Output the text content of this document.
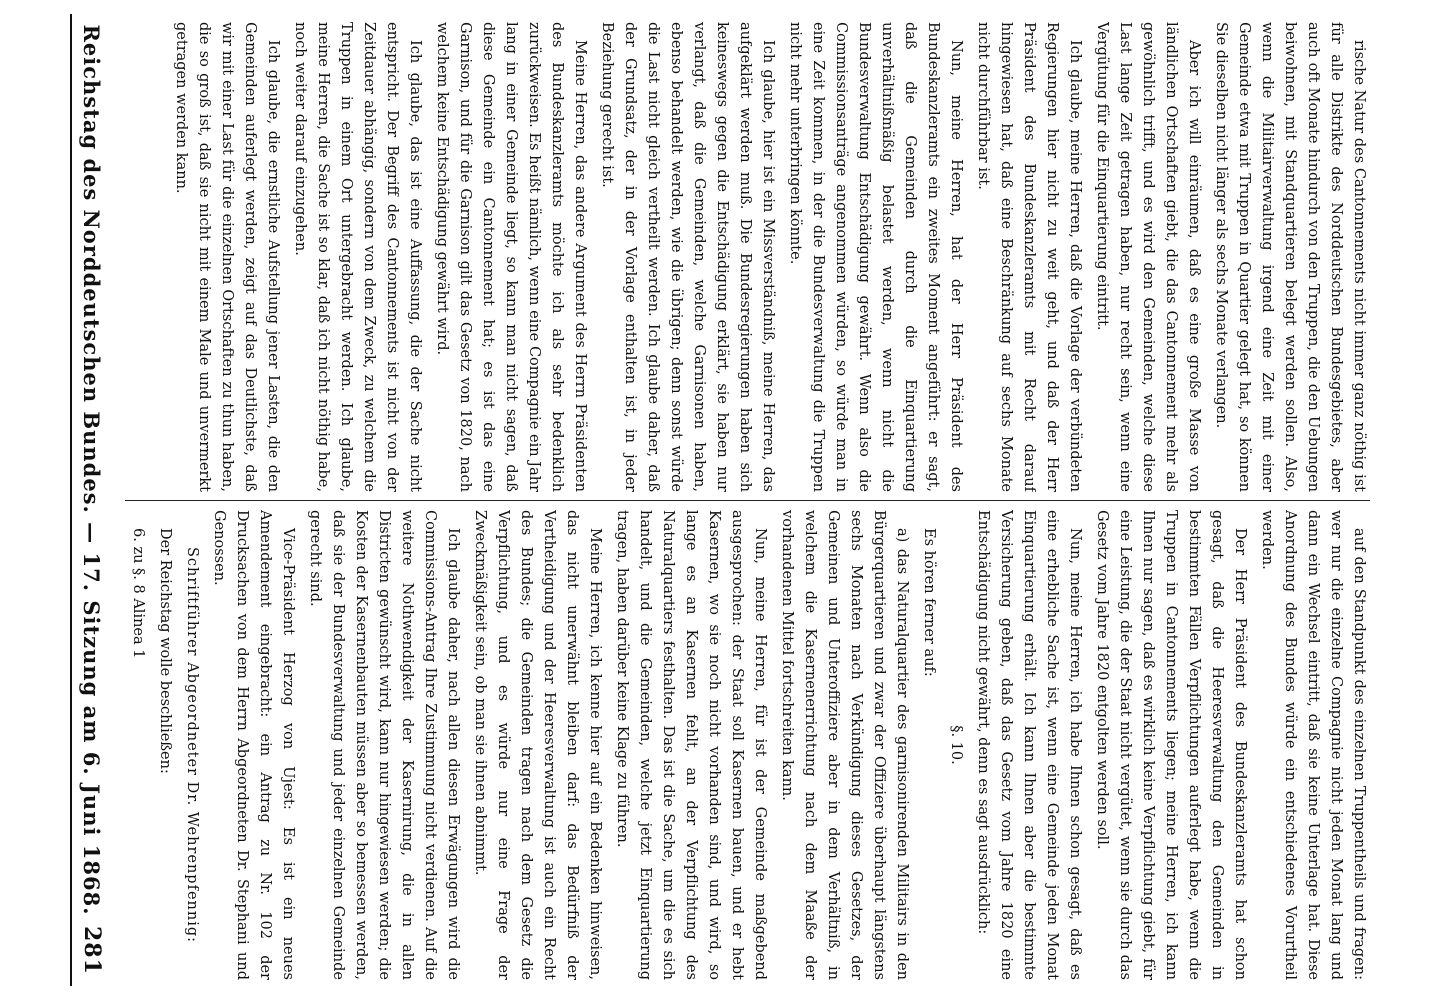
Reichstag des Norddeutschen Bundes. — 17. Sitzung am 6. Juni 1868.
281

rische Natur des Cantonnements nicht immer ganz nöthig ist für alle Distrikte des Norddeutschen Bundesgebietes, aber auch oft Monate hindurch von den Truppen, die den Uebungen beiwohnen, mit Standquartieren belegt werden sollen. Also, wenn die Militairverwaltung irgend eine Zeit mit einer Gemeinde etwa mit Truppen in Quartier gelegt hat, so können Sie dieselben nicht länger als sechs Monate verlangen.

Aber ich will einräumen, daß es eine große Masse von ländlichen Ortschaften giebt, die das Cantonnement mehr als gewöhnlich trifft, und es wird den Gemeinden, welche diese Last lange Zeit getragen haben, nur recht sein, wenn eine Vergütung für die Einquartierung eintritt.

Ich glaube, meine Herren, daß die Vorlage der verbündeten Regierungen hier nicht zu weit geht, und daß der Herr Präsident des Bundeskanzleramts mit Recht darauf hingewiesen hat, daß eine Beschränkung auf sechs Monate nicht durchführbar ist.

Nun, meine Herren, hat der Herr Präsident des Bundeskanzleramts ein zweites Moment angeführt: er sagt, daß die Gemeinden durch die Einquartierung unverhältnißmäßig belastet werden, wenn nicht die Bundesverwaltung Entschädigung gewährt. Wenn also die Commissionsanträge angenommen würden, so würde man in eine Zeit kommen, in der die Bundesverwaltung die Truppen nicht mehr unterbringen könnte.

Ich glaube, hier ist ein Missverständniß, meine Herren, das aufgeklärt werden muß. Die Bundesregierungen haben sich keineswegs gegen die Entschädigung erklärt, sie haben nur verlangt, daß die Gemeinden, welche Garnisonen haben, ebenso behandelt werden, wie die übrigen; denn sonst würde die Last nicht gleich vertheilt werden. Ich glaube daher, daß der Grundsatz, der in der Vorlage enthalten ist, in jeder Beziehung gerecht ist.

Meine Herren, das andere Argument des Herrn Präsidenten des Bundeskanzleramts möchte ich als sehr bedenklich zurückweisen. Es heißt nämlich, wenn eine Compagnie ein Jahr lang in einer Gemeinde liegt, so kann man nicht sagen, daß diese Gemeinde ein Cantonnement hat; es ist das eine Garnison, und für die Garnison gilt das Gesetz von 1820, nach welchem keine Entschädigung gewährt wird.

Ich glaube, das ist eine Auffassung, die der Sache nicht entspricht. Der Begriff des Cantonnements ist nicht von der Zeitdauer abhängig, sondern von dem Zweck, zu welchem die Truppen in einem Ort untergebracht werden. Ich glaube, meine Herren, die Sache ist so klar, daß ich nicht nöthig habe, noch weiter darauf einzugehen.

Ich glaube, die ernstliche Aufstellung jener Lasten, die den Gemeinden auferlegt werden, zeigt auf das Deutlichste, daß wir mit einer Last für die einzelnen Ortschaften zu thun haben, die so groß ist, daß sie nicht mit einem Male und unvermerkt getragen werden kann.

auf den Standpunkt des einzelnen Truppentheils und fragen: wer nur die einzelne Compagnie nicht jeden Monat lang und dann ein Wechsel eintritt, daß sie keine Unterlage hat. Diese Anordnung des Bundes würde ein entschiedenes Vorurtheil werden.

Der Herr Präsident des Bundeskanzleramts hat schon gesagt, daß die Heeresverwaltung den Gemeinden in bestimmten Fällen Verpflichtungen auferlegt habe, wenn die Truppen in Cantonnements liegen; meine Herren, ich kann Ihnen nur sagen, daß es wirklich keine Verpflichtung giebt, für eine Leistung, die der Staat nicht vergütet, wenn sie durch das Gesetz vom Jahre 1820 entgolten werden soll.

Nun, meine Herren, ich habe Ihnen schon gesagt, daß es eine erhebliche Sache ist, wenn eine Gemeinde jeden Monat Einquartierung erhält. Ich kann Ihnen aber die bestimmte Versicherung geben, daß das Gesetz vom Jahre 1820 eine Entschädigung nicht gewährt, denn es sagt ausdrücklich:

§. 10.

Es hören ferner auf:

a) das Naturalquartier des garnisonirenden Militairs in den Bürgerquartieren und zwar der Offiziere überhaupt längstens sechs Monaten nach Verkündigung dieses Gesetzes, der Gemeinen und Unteroffiziere aber in dem Verhältniß, in welchem die Kasernenerrichtung nach dem Maaße der vorhandenen Mittel fortschreiten kann.

Nun, meine Herren, für ist der Gemeinde maßgebend ausgesprochen: der Staat soll Kasernen bauen, und er hebt Kasernen, wo sie noch nicht vorhanden sind, und wird, so lange es an Kasernen fehlt, an der Verpflichtung des Naturalquartiers festhalten. Das ist die Sache, um die es sich handelt, und die Gemeinden, welche jetzt Einquartierung tragen, haben darüber keine Klage zu führen.

Meine Herren, ich kenne hier auf ein Bedenken hinweisen, das nicht unerwähnt bleiben darf: das Bedürfniß der Vertheidigung und der Heeresverwaltung ist auch ein Recht des Bundes; die Gemeinden tragen nach dem Gesetz die Verpflichtung, und es würde nur eine Frage der Zweckmäßigkeit sein, ob man sie ihnen abnimmt.

Ich glaube daher, nach allen diesen Erwägungen wird die Commissions-Antrag Ihre Zustimmung nicht verdienen. Auf die weitere Nothwendigkeit der Kasernirung, die in allen Districten gewünscht wird, kann nur hingewiesen werden; die Kosten der Kasernenbauten müssen aber so bemessen werden, daß sie der Bundesverwaltung und jeder einzelnen Gemeinde gerecht sind.

Vice-Präsident Herzog von Ujest: Es ist ein neues Amendement eingebracht: ein Antrag zu Nr. 102 der Drucksachen von dem Herrn Abgeordneten Dr. Stephani und Genossen.

Schriftführer Abgeordneter Dr. Wehrenpfennig:

Der Reichstag wolle beschließen:

6. zu §. 8 Alinea 1
